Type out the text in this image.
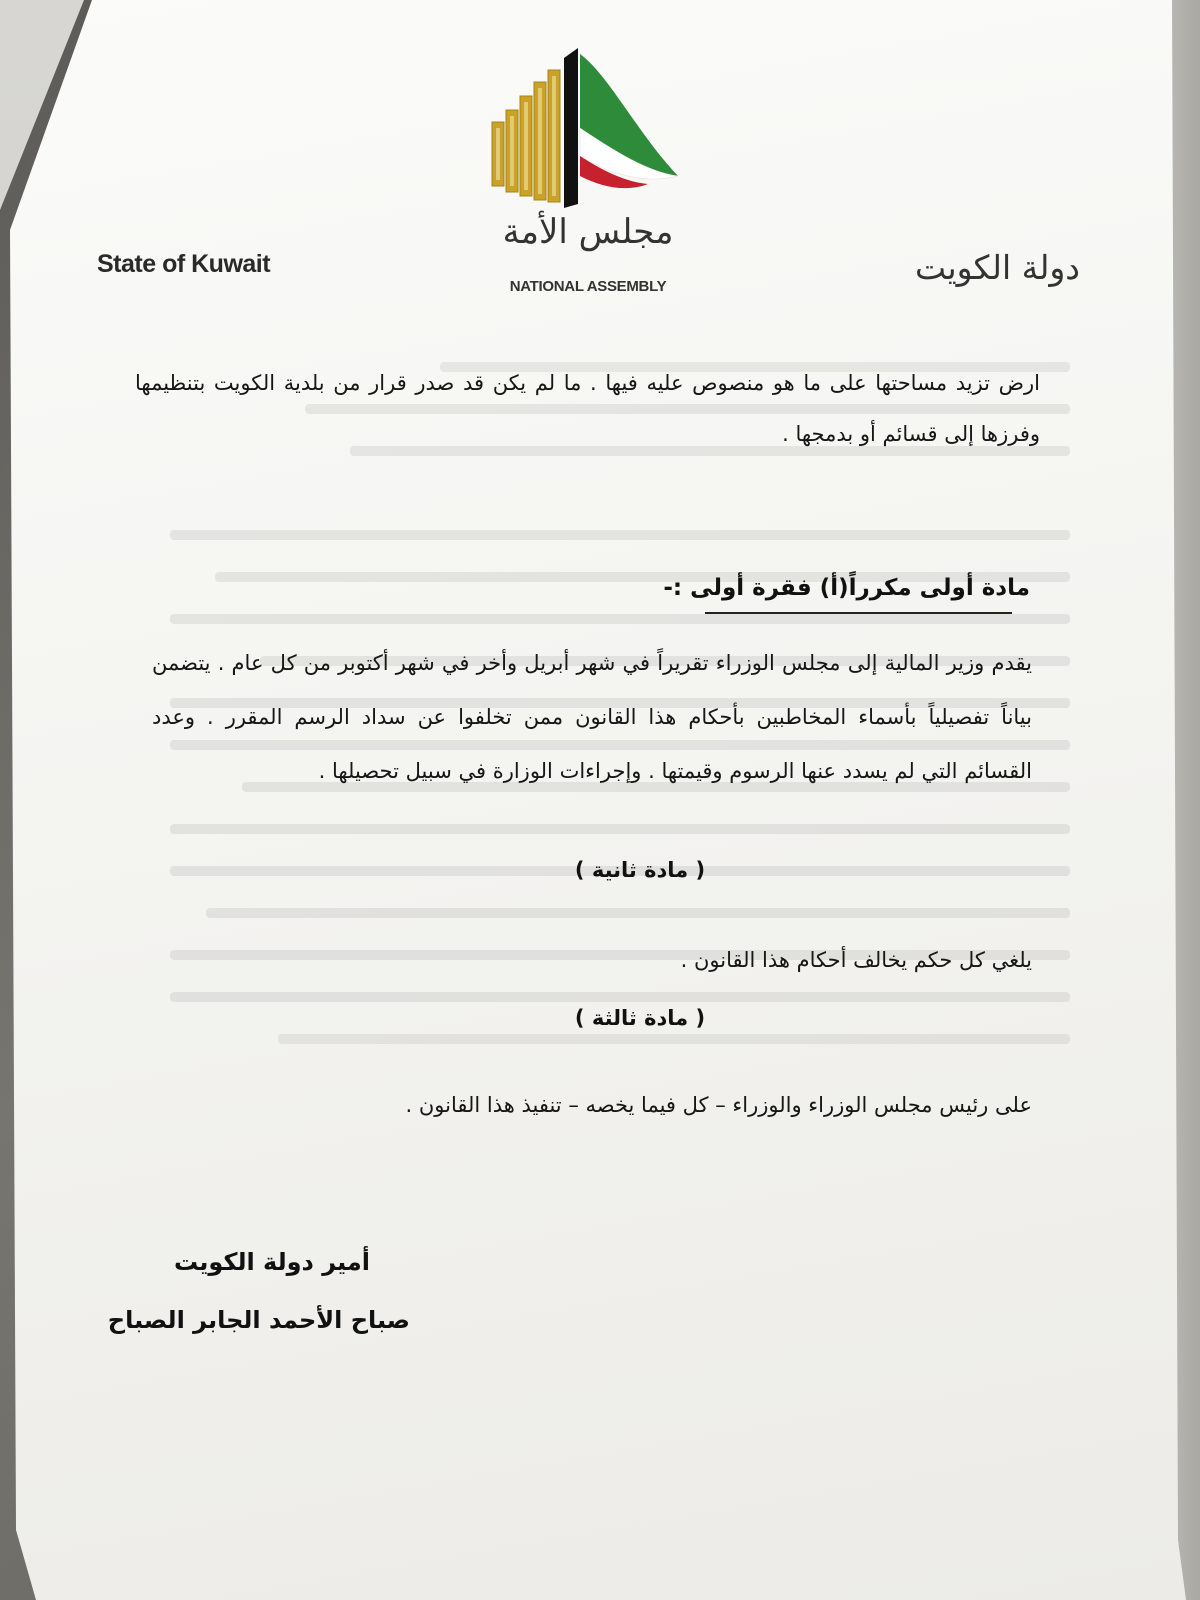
State of Kuwait	دولة الكويت
مجلس الأمة
NATIONAL ASSEMBLY
ارض تزيد مساحتها على ما هو منصوص عليه فيها . ما لم يكن قد صدر قرار من بلدية الكويت بتنظيمها وفرزها إلى قسائم أو بدمجها .
مادة أولى مكرراً(أ) فقرة أولى :-
يقدم وزير المالية إلى مجلس الوزراء تقريراً في شهر أبريل وأخر في شهر أكتوبر من كل عام . يتضمن بياناً تفصيلياً بأسماء المخاطبين بأحكام هذا القانون ممن تخلفوا عن سداد الرسم المقرر . وعدد القسائم التي لم يسدد عنها الرسوم وقيمتها . وإجراءات الوزارة في سبيل تحصيلها .
( مادة ثانية )
يلغي كل حكم يخالف أحكام هذا القانون .
( مادة ثالثة )
على رئيس مجلس الوزراء والوزراء – كل فيما يخصه – تنفيذ هذا القانون .
أمير دولة الكويت
صباح الأحمد الجابر الصباح
